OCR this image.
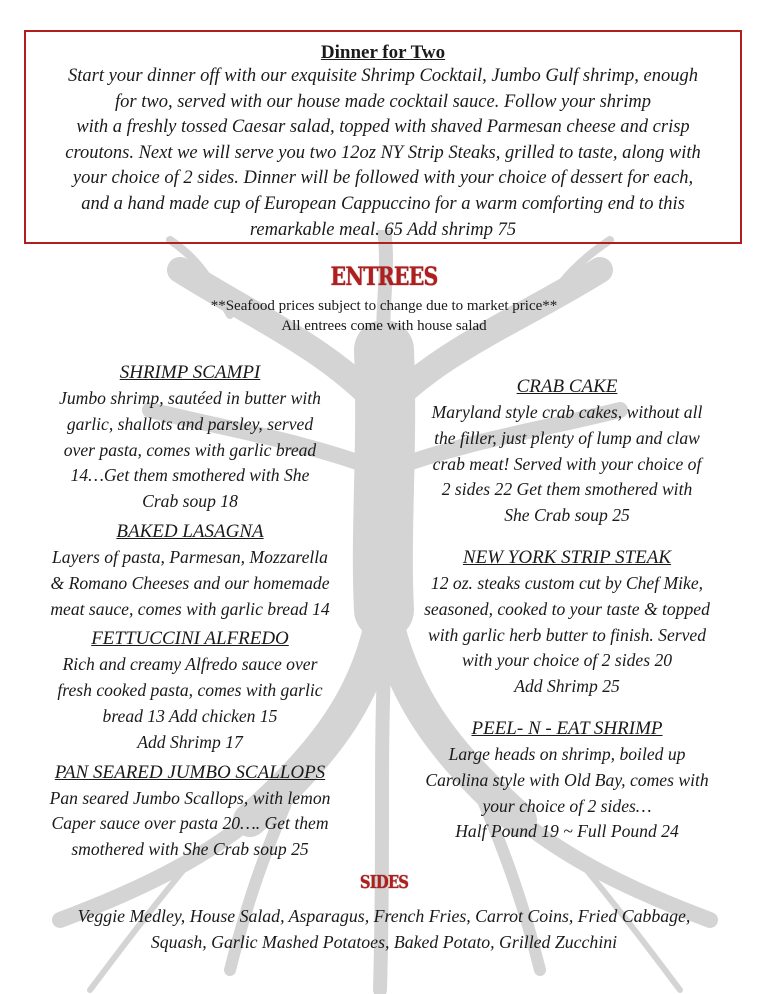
Dinner for Two
Start your dinner off with our exquisite Shrimp Cocktail, Jumbo Gulf shrimp, enough
for two, served with our house made cocktail sauce. Follow your shrimp
with a freshly tossed Caesar salad, topped with shaved Parmesan cheese and crisp
croutons. Next we will serve you two 12oz NY Strip Steaks, grilled to taste, along with
your choice of 2 sides. Dinner will be followed with your choice of dessert for each,
and a hand made cup of European Cappuccino for a warm comforting end to this
remarkable meal. 65 Add shrimp 75
ENTREES
**Seafood prices subject to change due to market price**
All entrees come with house salad
SHRIMP SCAMPI
Jumbo shrimp, sautéed in butter with
garlic, shallots and parsley, served
over pasta, comes with garlic bread
14…Get them smothered with She
Crab soup 18
BAKED LASAGNA
Layers of pasta, Parmesan, Mozzarella
& Romano Cheeses and our homemade
meat sauce, comes with garlic bread 14
FETTUCCINI ALFREDO
Rich and creamy Alfredo sauce over
fresh cooked pasta, comes with garlic
bread 13 Add chicken 15
Add Shrimp 17
PAN SEARED JUMBO SCALLOPS
Pan seared Jumbo Scallops, with lemon
Caper sauce over pasta 20…. Get them
smothered with She Crab soup 25
CRAB CAKE
Maryland style crab cakes, without all
the filler, just plenty of lump and claw
crab meat! Served with your choice of
2 sides 22 Get them smothered with
She Crab soup 25
NEW YORK STRIP STEAK
12 oz. steaks custom cut by Chef Mike,
seasoned, cooked to your taste & topped
with garlic herb butter to finish. Served
with your choice of 2 sides 20
Add Shrimp 25
PEEL- N - EAT SHRIMP
Large heads on shrimp, boiled up
Carolina style with Old Bay, comes with
your choice of 2 sides…
Half Pound 19 ~ Full Pound 24
SIDES
Veggie Medley, House Salad, Asparagus, French Fries, Carrot Coins, Fried Cabbage,
Squash, Garlic Mashed Potatoes, Baked Potato, Grilled Zucchini
